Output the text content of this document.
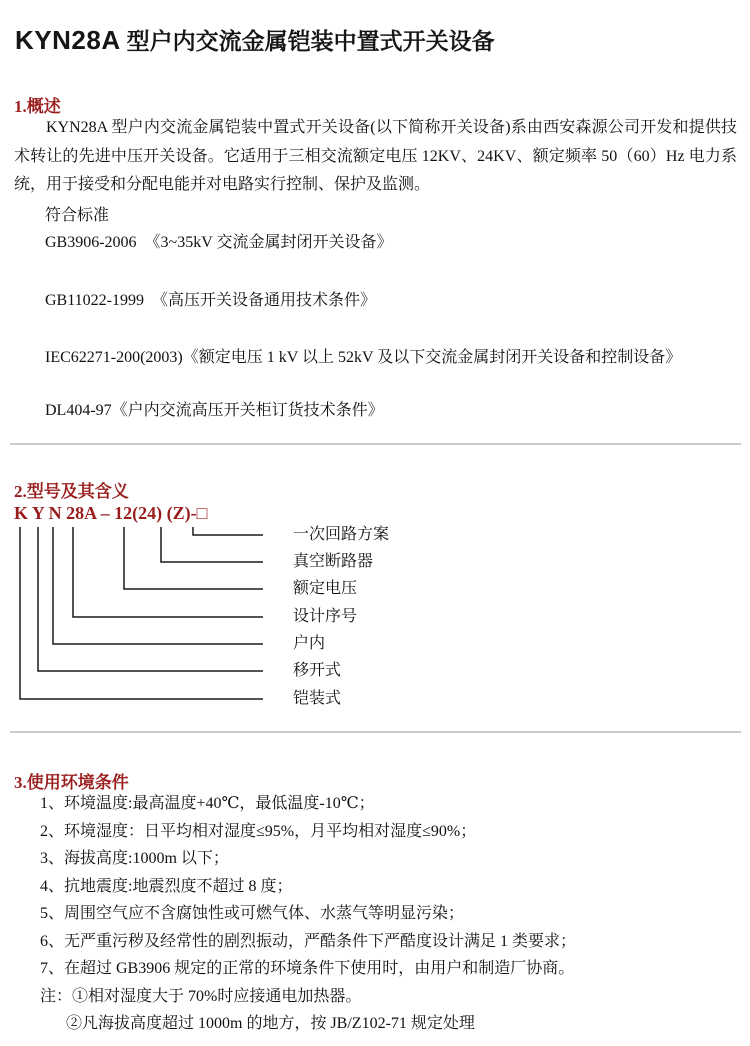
KYN28A 型户内交流金属铠装中置式开关设备
1.概述

KYN28A 型户内交流金属铠装中置式开关设备(以下简称开关设备)系由西安森源公司开发和提供技术转让的先进中压开关设备。它适用于三相交流额定电压 12KV、24KV、额定频率 50（60）Hz 电力系统，用于接受和分配电能并对电路实行控制、保护及监测。

符合标准
GB3906-2006　《3~35kV 交流金属封闭开关设备》
GB11022-1999　《高压开关设备通用技术条件》
IEC62271-200(2003)《额定电压 1 kV 以上 52kV 及以下交流金属封闭开关设备和控制设备》
DL404-97《户内交流高压开关柜订货技术条件》
2.型号及其含义
K Y N 28A – 12(24) (Z)-□
一次回路方案
真空断路器
额定电压
设计序号
户内
移开式
铠装式
3.使用环境条件
1、环境温度:最高温度+40℃，最低温度-10℃；
2、环境湿度：日平均相对湿度≤95%，月平均相对湿度≤90%；
3、海拔高度:1000m 以下；
4、抗地震度:地震烈度不超过 8 度；
5、周围空气应不含腐蚀性或可燃气体、水蒸气等明显污染；
6、无严重污秽及经常性的剧烈振动，严酷条件下严酷度设计满足 1 类要求；
7、在超过 GB3906 规定的正常的环境条件下使用时，由用户和制造厂协商。
注：①相对湿度大于 70%时应接通电加热器。
②凡海拔高度超过 1000m 的地方，按 JB/Z102-71 规定处理
